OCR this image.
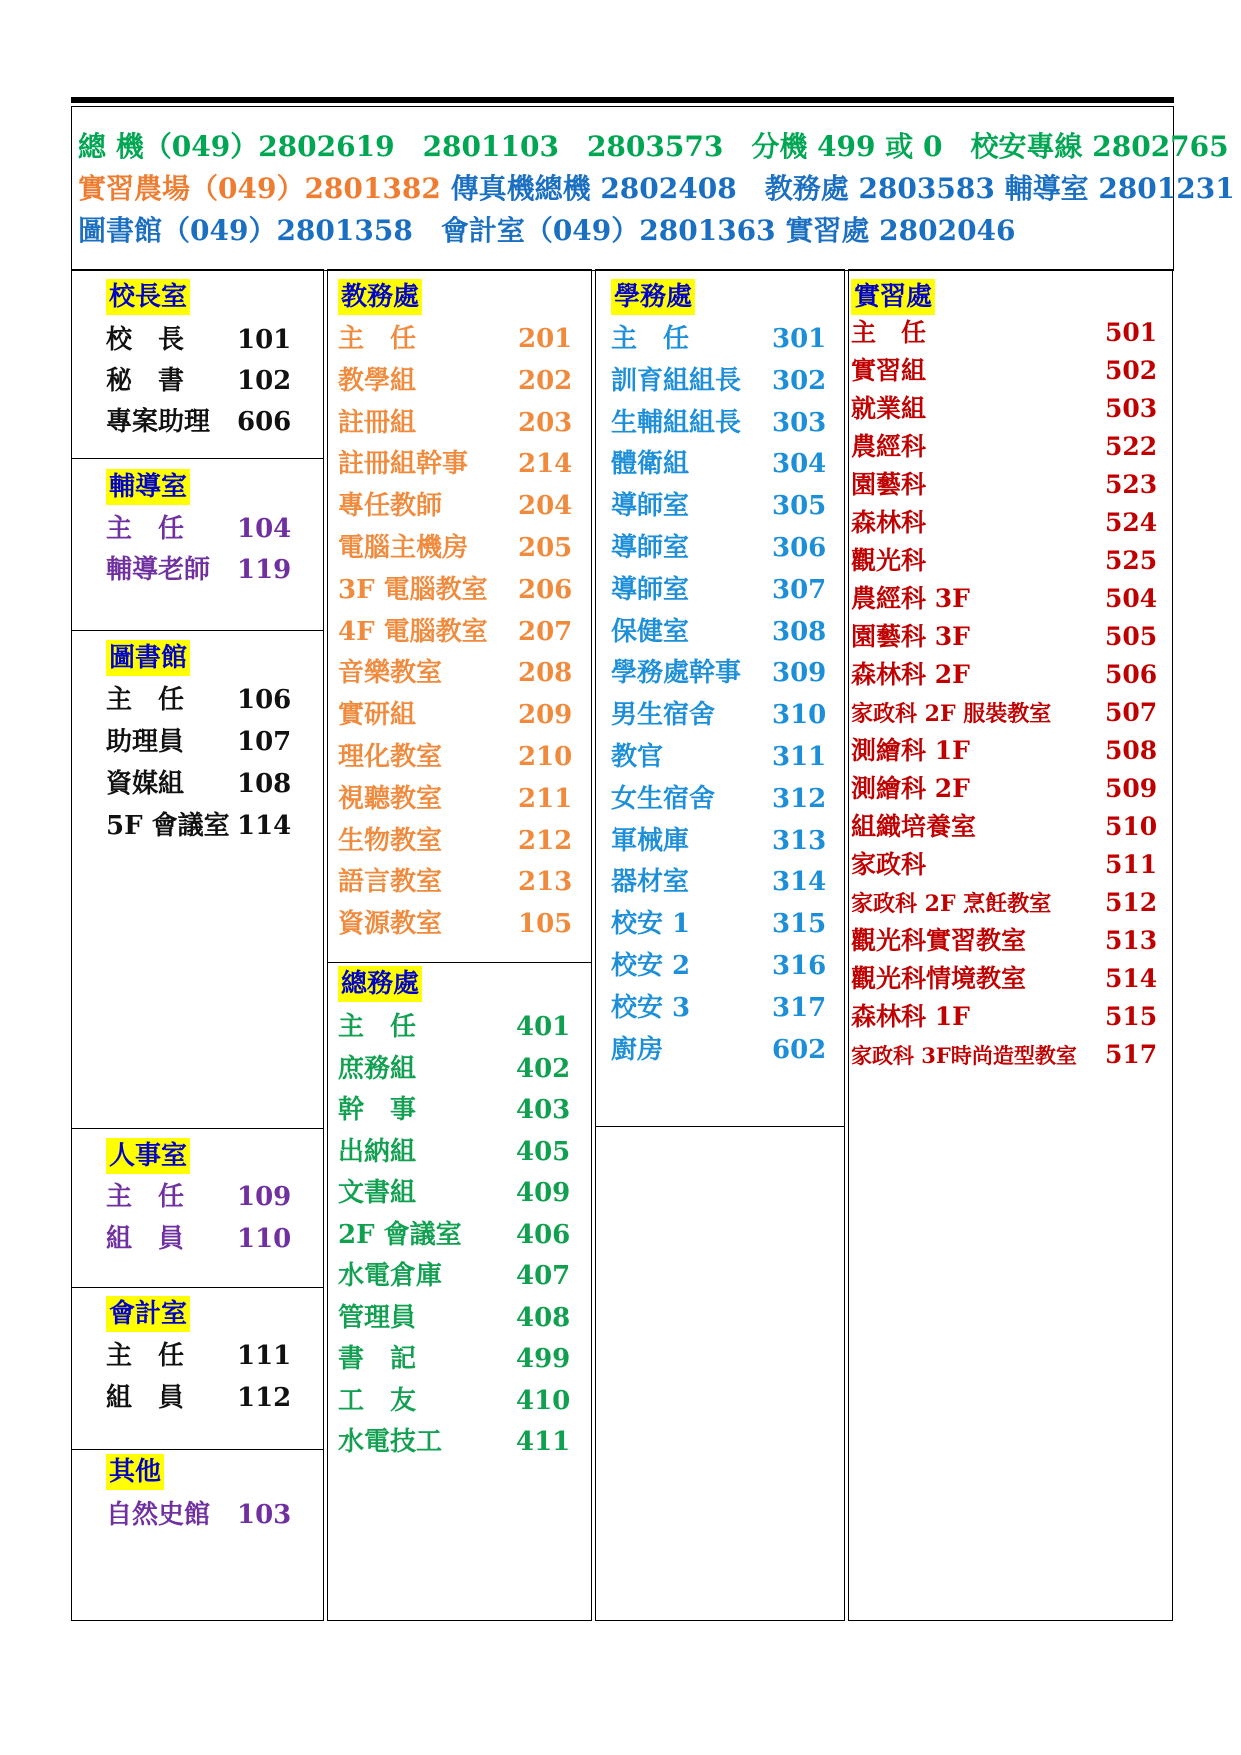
總 機（049）2802619　2801103　2803573　分機 499 或 0　校安專線 2802765
實習農場（049）2801382 傳真機總機 2802408　教務處 2803583 輔導室 2801231
圖書館（049）2801358　會計室（049）2801363 實習處 2802046
校長室
校　長 101
秘　書 102
專案助理 606
輔導室
主　任 104
輔導老師 119
圖書館
主　任 106
助理員 107
資媒組 108
5F 會議室 114
人事室
主　任 109
組　員 110
會計室
主　任 111
組　員 112
其他
自然史館 103
教務處
主　任	201
教學組	202
註冊組	203
註冊組幹事 214
專任教師	204
電腦主機房 205
3F 電腦教室 206
4F 電腦教室 207
音樂教室	208
實研組	209
理化教室	210
視聽教室	211
生物教室	212
語言教室	213
資源教室	105
總務處
主　任	401
庶務組	402
幹　事	403
出納組	405
文書組	409
2F 會議室 406
水電倉庫	407
管理員	408
書　記	499
工　友	410
水電技工	411
學務處
主　任	301
訓育組組長 302
生輔組組長 303
體衛組	304
導師室	305
導師室	306
導師室	307
保健室	308
學務處幹事 309
男生宿舍 310
教官	311
女生宿舍 312
軍械庫	313
器材室	314
校安 1	315
校安 2	316
校安 3	317
廚房	602
實習處
主　任	501
實習組	502
就業組	503
農經科	522
園藝科	523
森林科	524
觀光科	525
農經科 3F	504
園藝科 3F	505
森林科 2F	506
家政科 2F 服裝教室 507
測繪科 1F	508
測繪科 2F	509
組織培養室	510
家政科	511
家政科 2F 烹飪教室 512
觀光科實習教室	513
觀光科情境教室	514
森林科 1F	515
家政科 3F時尚造型教室 517
